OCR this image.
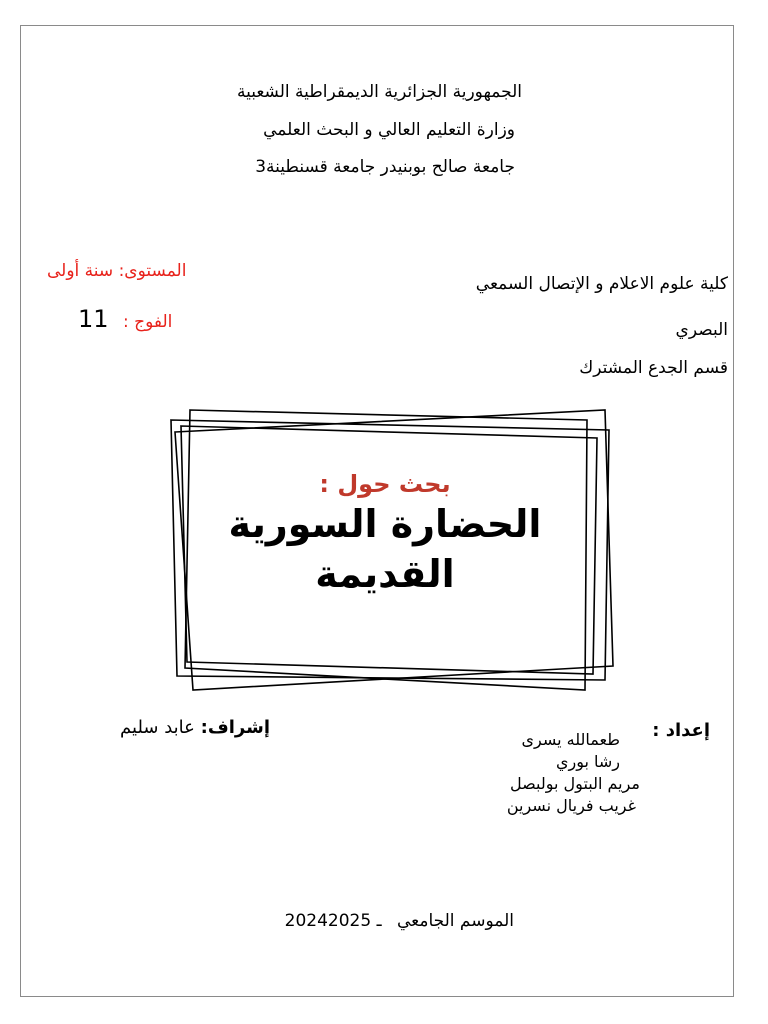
الجمهورية الجزائرية الديمقراطية الشعبية
وزارة التعليم العالي و البحث العلمي
جامعة صالح بوبنيدر جامعة قسنطينة3
المستوى: سنة أولى
الفوج :
11
كلية علوم الاعلام و الإتصال السمعي
البصري
قسم الجدع المشترك
بحث حول :
الحضارة السورية
القديمة
إعداد :
طعمالله يسرى
رشا بوري
مريم البتول بولبصل
غريب فريال نسرين
إشراف: عابد سليم
الموسم الجامعي 2024ـ 2025
